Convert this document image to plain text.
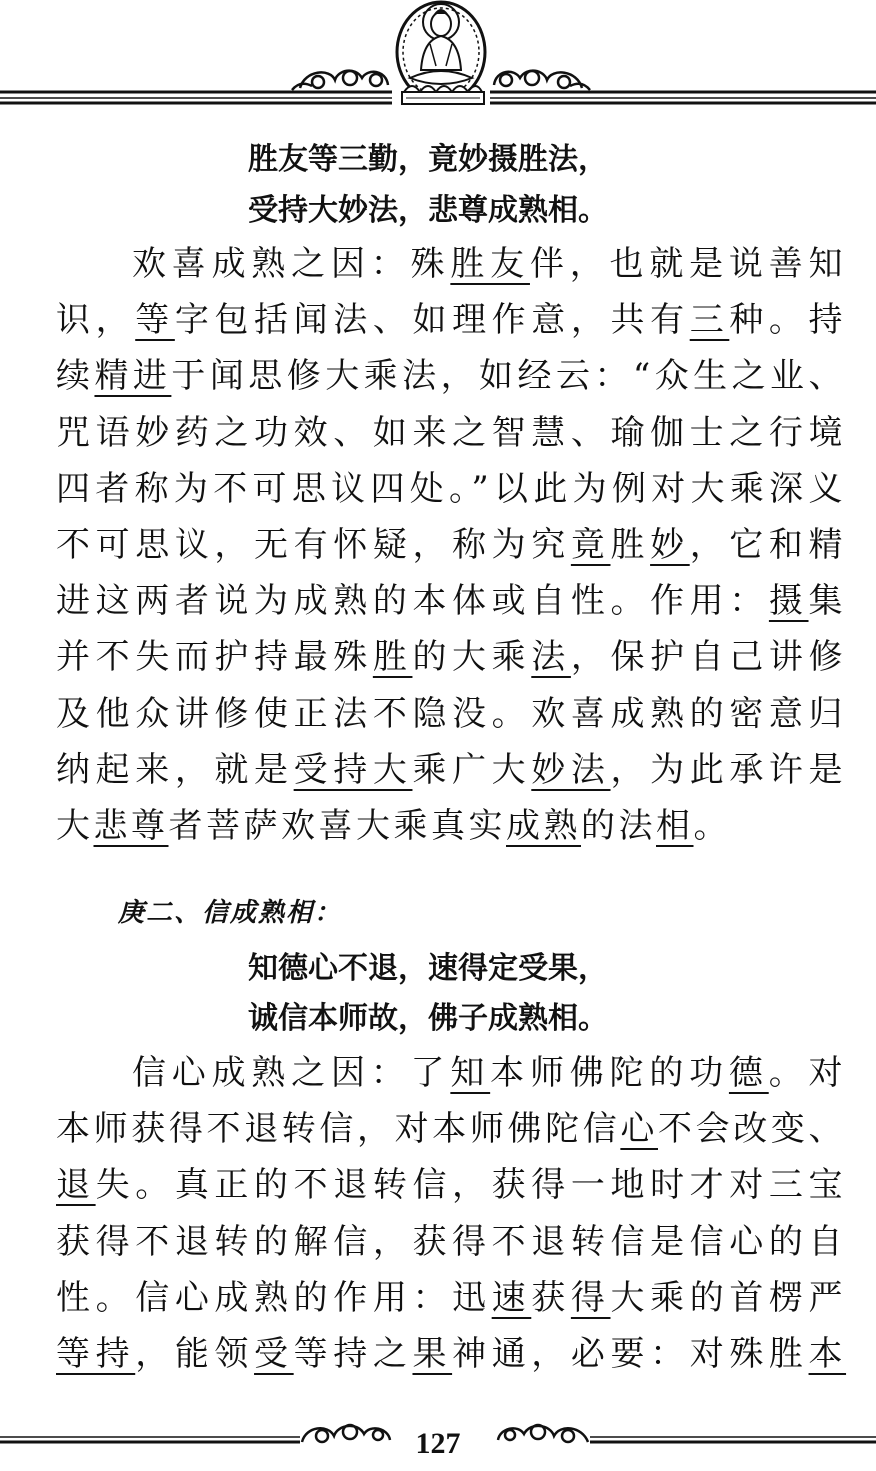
胜友等三勤，竟妙摄胜法，
受持大妙法，悲尊成熟相。
欢喜成熟之因：殊胜友伴，也就是说善知
识，等字包括闻法、如理作意，共有三种。持
续精进于闻思修大乘法，如经云：“众生之业、
咒语妙药之功效、如来之智慧、瑜伽士之行境
四者称为不可思议四处。”以此为例对大乘深义
不可思议，无有怀疑，称为究竟胜妙，它和精
进这两者说为成熟的本体或自性。作用：摄集
并不失而护持最殊胜的大乘法，保护自己讲修
及他众讲修使正法不隐没。欢喜成熟的密意归
纳起来，就是受持大乘广大妙法，为此承许是
大悲尊者菩萨欢喜大乘真实成熟的法相。
庚二、信成熟相：
知德心不退，速得定受果，
诚信本师故，佛子成熟相。
信心成熟之因：了知本师佛陀的功德。对
本师获得不退转信，对本师佛陀信心不会改变、
退失。真正的不退转信，获得一地时才对三宝
获得不退转的解信，获得不退转信是信心的自
性。信心成熟的作用：迅速获得大乘的首楞严
等持，能领受等持之果神通，必要：对殊胜本
127
